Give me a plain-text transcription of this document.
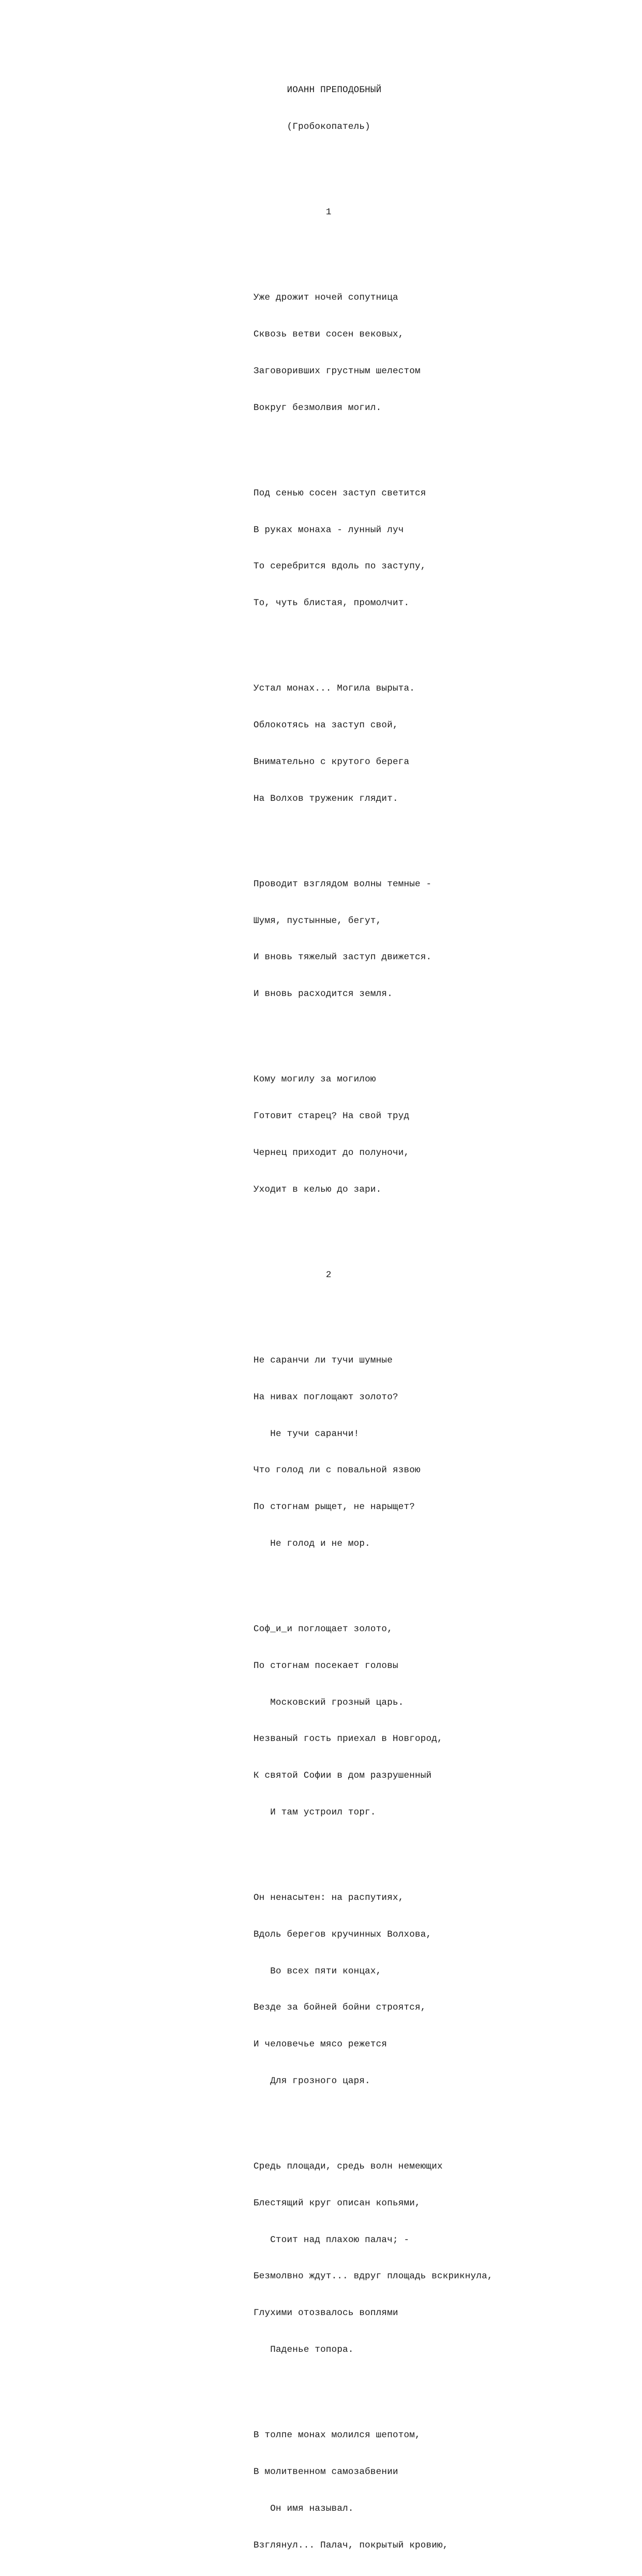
ИОАНН ПРЕПОДОБНЫЙ

(Гробокопатель)

1

Уже дрожит ночей сопутница

Сквозь ветви сосен вековых,

Заговоривших грустным шелестом

Вокруг безмолвия могил.

Под сенью сосен заступ светится

В руках монаха - лунный луч

То серебрится вдоль по заступу,

То, чуть блистая, промолчит.

Устал монах... Могила вырыта.

Облокотясь на заступ свой,

Внимательно с крутого берега

На Волхов труженик глядит.

Проводит взглядом волны темные -

Шумя, пустынные, бегут,

И вновь тяжелый заступ движется.

И вновь расходится земля.

Кому могилу за могилою

Готовит старец? На свой труд

Чернец приходит до полуночи,

Уходит в келью до зари.

2

Не саранчи ли тучи шумные

На нивах поглощают золото?

Не тучи саранчи!

Что голод ли с повальной язвою

По стогнам рыщет, не нарыщет?

Не голод и не мор.

Соф_и_и поглощает золото,

По стогнам посекает головы

Московский грозный царь.

Незваный гость приехал в Новгород,

К святой Софии в дом разрушенный

И там устроил торг.

Он ненасытен: на распутиях,

Вдоль берегов кручинных Волхова,

Во всех пяти концах,

Везде за бойней бойни строятся,

И человечье мясо режется

Для грозного царя.

Средь площади, средь волн немеющих

Блестящий круг описан копьями,

Стоит над плахою палач; -

Безмолвно ждут... вдруг площадь вскрикнула,

Глухими отозвалось воплями

Паденье топора.

В толпе монах молился шепотом,

В молитвенном самозабвении

Он имя называл.

Взглянул... Палач, покрытый кровию,
